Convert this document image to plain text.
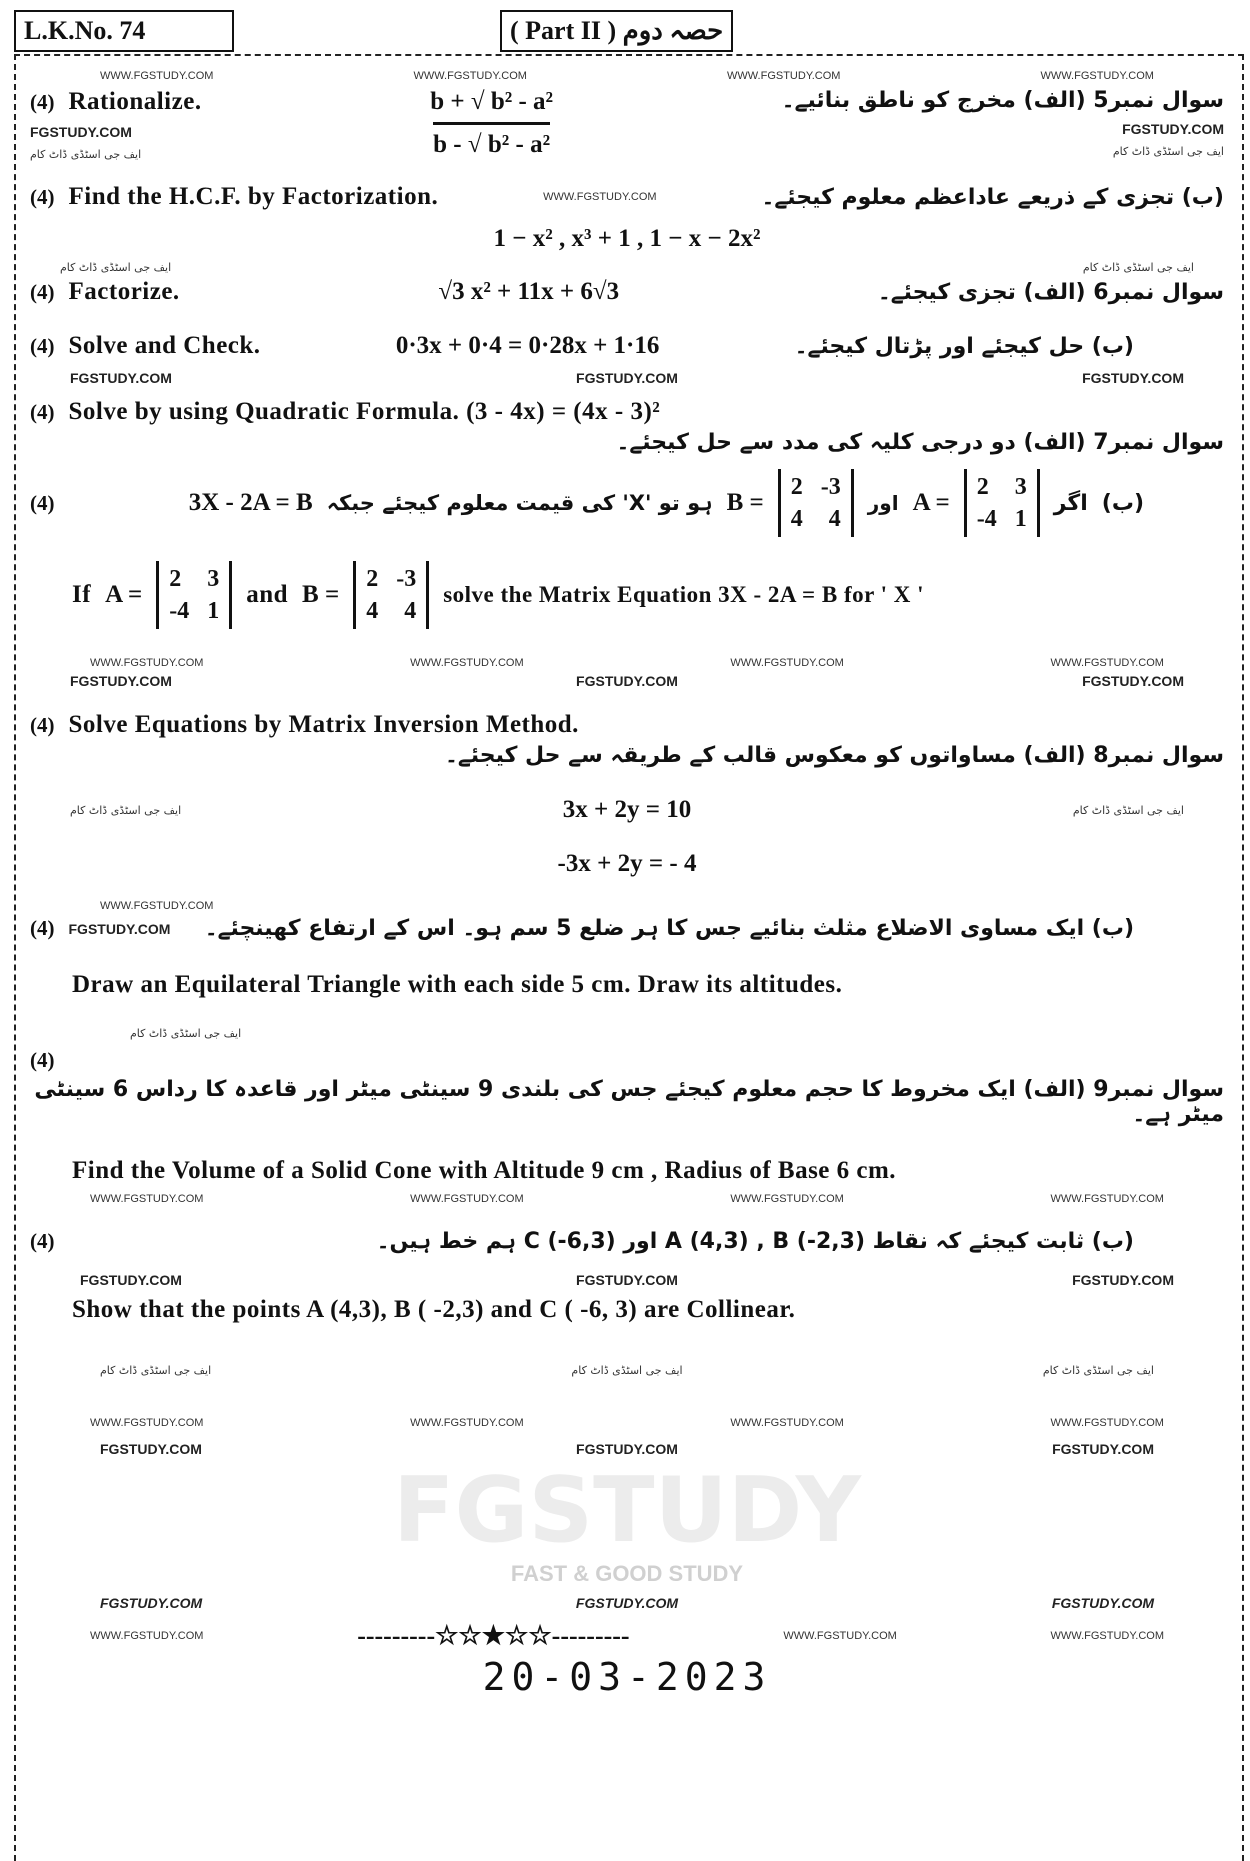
L.K.No. 74	( Part II ) حصہ دوم
WWW.FGSTUDY.COM	WWW.FGSTUDY.COM	WWW.FGSTUDY.COM	WWW.FGSTUDY.COM
(4) Rationalize.
FGSTUDY.COM
ایف جی اسٹڈی ڈاٹ کام	$\frac{\text{b + √ b² - a²}}{\text{b - √ b² - a²}}$	سوال نمبر5 (الف) مخرج کو ناطق بنائیے۔
FGSTUDY.COM
ایف جی اسٹڈی ڈاٹ کام
(4) Find the H.C.F. by Factorization.	WWW.FGSTUDY.COM	(ب) تجزی کے ذریعے عاداعظم معلوم کیجئے۔
1 − x² , x³ + 1 , 1 − x − 2x²
ایف جی اسٹڈی ڈاٹ کام	ایف جی اسٹڈی ڈاٹ کام
(4) Factorize.	√3 x² + 11x + 6√3	سوال نمبر6 (الف) تجزی کیجئے۔
(4) Solve and Check.	0·3x + 0·4 = 0·28x + 1·16	(ب) حل کیجئے اور پڑتال کیجئے۔
FGSTUDY.COM	FGSTUDY.COM	FGSTUDY.COM
(4) Solve by using Quadratic Formula. (3 - 4x) = (4x - 3)²
سوال نمبر7 (الف) دو درجی کلیہ کی مدد سے حل کیجئے۔
(4)	3X - 2A = B ہو تو 'X' کی قیمت معلوم کیجئے جبکہ B =
2 -3
4 4
اور A =
2 3
-4 1
اگر (ب)
If A =
2 3
-4 1
and B =
2 -3
4 4
solve the Matrix Equation 3X - 2A = B for ' X '
WWW.FGSTUDY.COM	WWW.FGSTUDY.COM	WWW.FGSTUDY.COM	WWW.FGSTUDY.COM
FGSTUDY.COM	FGSTUDY.COM	FGSTUDY.COM
(4) Solve Equations by Matrix Inversion Method.
سوال نمبر8 (الف) مساواتوں کو معکوس قالب کے طریقہ سے حل کیجئے۔
ایف جی اسٹڈی ڈاٹ کام	3x + 2y = 10	ایف جی اسٹڈی ڈاٹ کام
-3x + 2y = - 4
WWW.FGSTUDY.COM
(4) FGSTUDY.COM (ب) ایک مساوی الاضلاع مثلث بنائیے جس کا ہر ضلع 5 سم ہو۔ اس کے ارتفاع کھینچئے۔
Draw an Equilateral Triangle with each side 5 cm. Draw its altitudes.
ایف جی اسٹڈی ڈاٹ کام
(4)
سوال نمبر9 (الف) ایک مخروط کا حجم معلوم کیجئے جس کی بلندی 9 سینٹی میٹر اور قاعدہ کا رداس 6 سینٹی میٹر ہے۔
Find the Volume of a Solid Cone with Altitude 9 cm , Radius of Base 6 cm.
WWW.FGSTUDY.COM	WWW.FGSTUDY.COM	WWW.FGSTUDY.COM	WWW.FGSTUDY.COM
(4)	(ب) ثابت کیجئے کہ نقاط A (4,3) , B (-2,3) اور C (-6,3) ہم خط ہیں۔
FGSTUDY.COM	FGSTUDY.COM	FGSTUDY.COM
Show that the points A (4,3), B ( -2,3) and C ( -6, 3) are Collinear.
ایف جی اسٹڈی ڈاٹ کام	ایف جی اسٹڈی ڈاٹ کام	ایف جی اسٹڈی ڈاٹ کام
WWW.FGSTUDY.COM	WWW.FGSTUDY.COM	WWW.FGSTUDY.COM	WWW.FGSTUDY.COM
FGSTUDY.COM	FGSTUDY.COM	FGSTUDY.COM
FGSTUDY
FAST & GOOD STUDY
FGSTUDY.COM	FGSTUDY.COM	FGSTUDY.COM
WWW.FGSTUDY.COM	---------☆☆★☆☆---------	WWW.FGSTUDY.COM	WWW.FGSTUDY.COM
20-03-2023
